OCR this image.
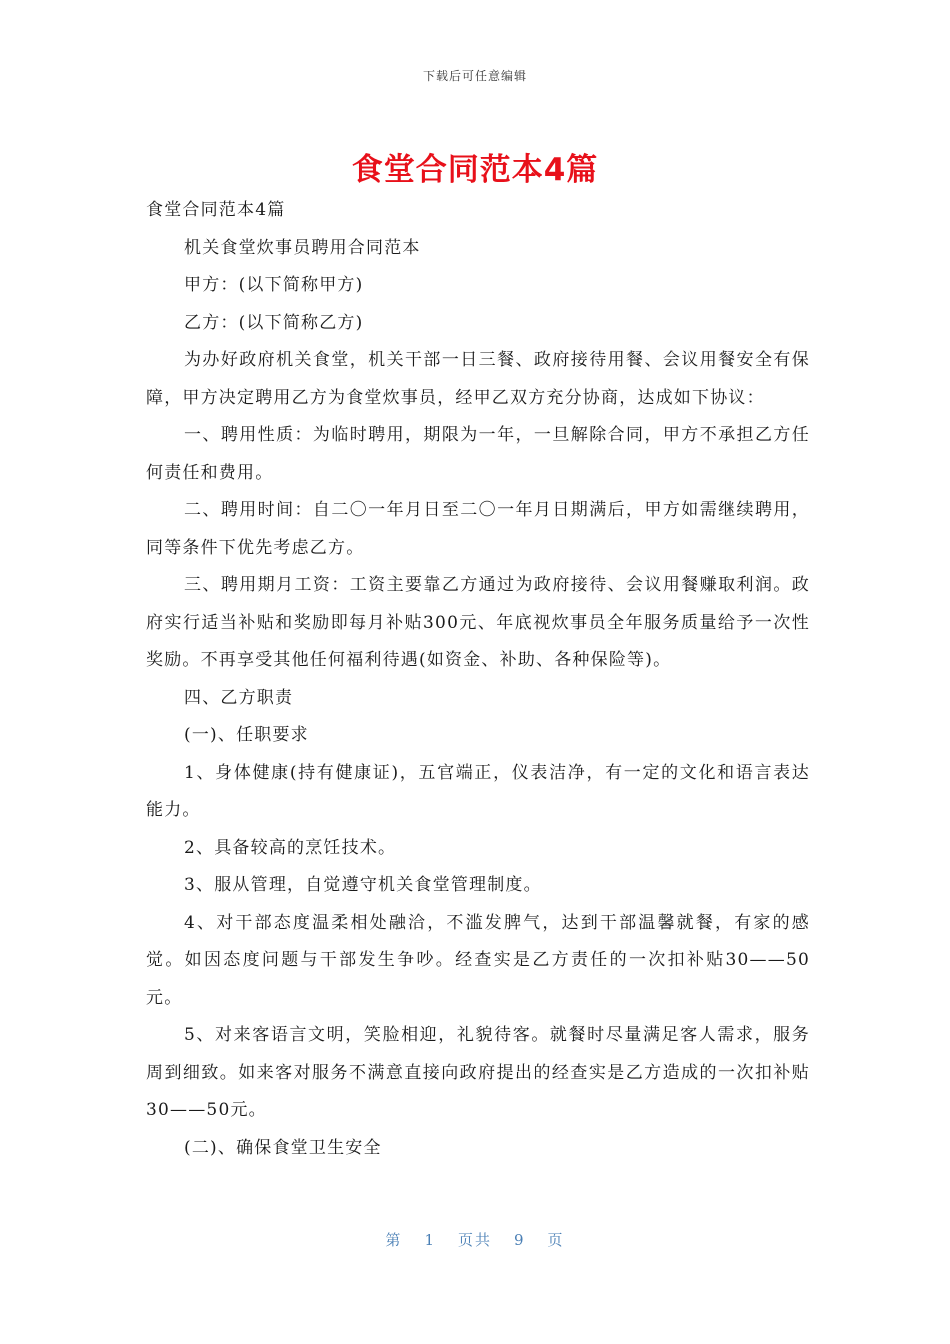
下载后可任意编辑
食堂合同范本4篇

食堂合同范本4篇

机关食堂炊事员聘用合同范本

甲方：(以下简称甲方)

乙方：(以下简称乙方)

为办好政府机关食堂，机关干部一日三餐、政府接待用餐、会议用餐安全有保障，甲方决定聘用乙方为食堂炊事员，经甲乙双方充分协商，达成如下协议：

一、聘用性质：为临时聘用，期限为一年，一旦解除合同，甲方不承担乙方任何责任和费用。

二、聘用时间：自二〇一年月日至二〇一年月日期满后，甲方如需继续聘用，同等条件下优先考虑乙方。

三、聘用期月工资：工资主要靠乙方通过为政府接待、会议用餐赚取利润。政府实行适当补贴和奖励即每月补贴300元、年底视炊事员全年服务质量给予一次性奖励。不再享受其他任何福利待遇(如资金、补助、各种保险等)。

四、乙方职责

(一)、任职要求

1、身体健康(持有健康证)，五官端正，仪表洁净，有一定的文化和语言表达能力。

2、具备较高的烹饪技术。

3、服从管理，自觉遵守机关食堂管理制度。

4、对干部态度温柔相处融洽，不滥发脾气，达到干部温馨就餐，有家的感觉。如因态度问题与干部发生争吵。经查实是乙方责任的一次扣补贴30——50元。

5、对来客语言文明，笑脸相迎，礼貌待客。就餐时尽量满足客人需求，服务周到细致。如来客对服务不满意直接向政府提出的经查实是乙方造成的一次扣补贴30——50元。

(二)、确保食堂卫生安全

第 1 页共 9 页
